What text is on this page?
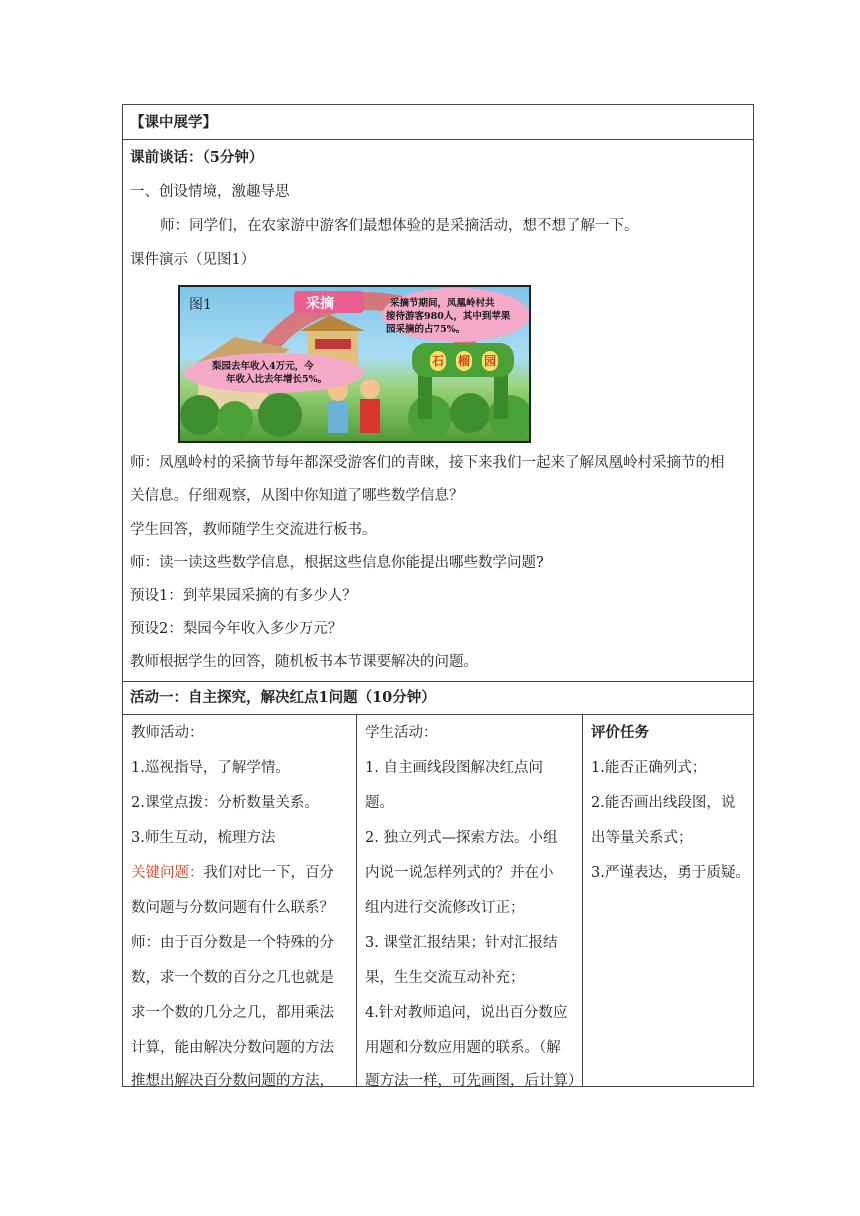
【课中展学】
课前谈话：（5分钟）
一、创设情境，激趣导思
师：同学们，在农家游中游客们最想体验的是采摘活动，想不想了解一下。
课件演示（见图1）
师：凤凰岭村的采摘节每年都深受游客们的青睐，接下来我们一起来了解凤凰岭村采摘节的相
关信息。仔细观察，从图中你知道了哪些数学信息？
学生回答，教师随学生交流进行板书。
师：读一读这些数学信息，根据这些信息你能提出哪些数学问题?
预设1：到苹果园采摘的有多少人？
预设2：梨园今年收入多少万元？
教师根据学生的回答，随机板书本节课要解决的问题。
图1	采摘	采摘节期间，凤凰岭村共
接待游客980人，其中到苹果
园采摘的占75%。
梨园去年收入4万元，今
年收入比去年增长5%。
石 榴 园
活动一：自主探究，解决红点1问题（10分钟）
教师活动：
1.巡视指导，了解学情。
2.课堂点拨：分析数量关系。
3.师生互动，梳理方法
关键问题：我们对比一下，百分
数问题与分数问题有什么联系？
师：由于百分数是一个特殊的分
数，求一个数的百分之几也就是
求一个数的几分之几，都用乘法
计算，能由解决分数问题的方法
推想出解决百分数问题的方法，
学生活动：
1. 自主画线段图解决红点问
题。
2. 独立列式—探索方法。小组
内说一说怎样列式的？并在小
组内进行交流修改订正；
3. 课堂汇报结果；针对汇报结
果，生生交流互动补充；
4.针对教师追问，说出百分数应
用题和分数应用题的联系。（解
题方法一样，可先画图，后计算）
评价任务
1.能否正确列式；
2.能否画出线段图，说
出等量关系式；
3.严谨表达，勇于质疑。
